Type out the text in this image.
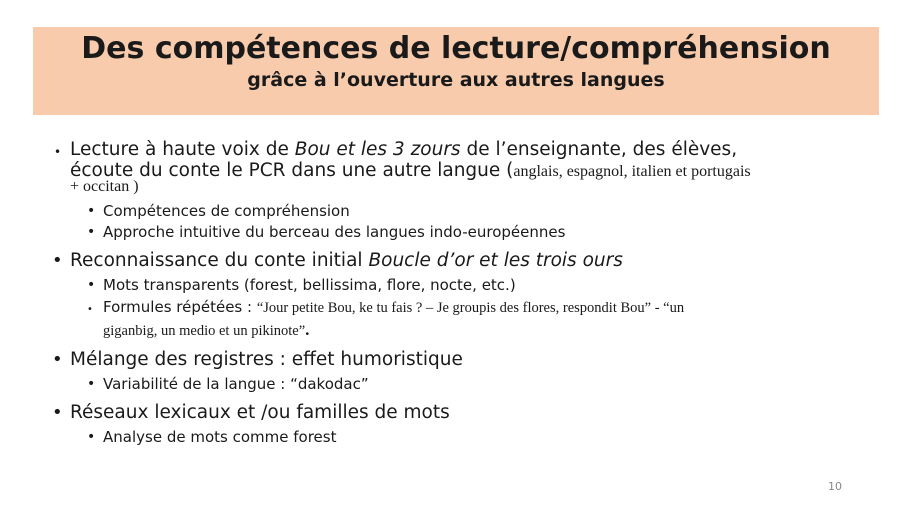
Des compétences de lecture/compréhension
grâce à l’ouverture aux autres langues
• Lecture à haute voix de Bou et les 3 zours de l’enseignante, des élèves,
écoute du conte le PCR dans une autre langue (anglais, espagnol, italien et portugais
+ occitan )
• Compétences de compréhension
• Approche intuitive du berceau des langues indo-européennes
• Reconnaissance du conte initial Boucle d’or et les trois ours
• Mots transparents (forest, bellissima, flore, nocte, etc.)
• Formules répétées : “Jour petite Bou, ke tu fais ? – Je groupis des flores, respondit Bou” - “un
giganbig, un medio et un pikinote”.
• Mélange des registres : effet humoristique
• Variabilité de la langue : “dakodac”
• Réseaux lexicaux et /ou familles de mots
• Analyse de mots comme forest
10
